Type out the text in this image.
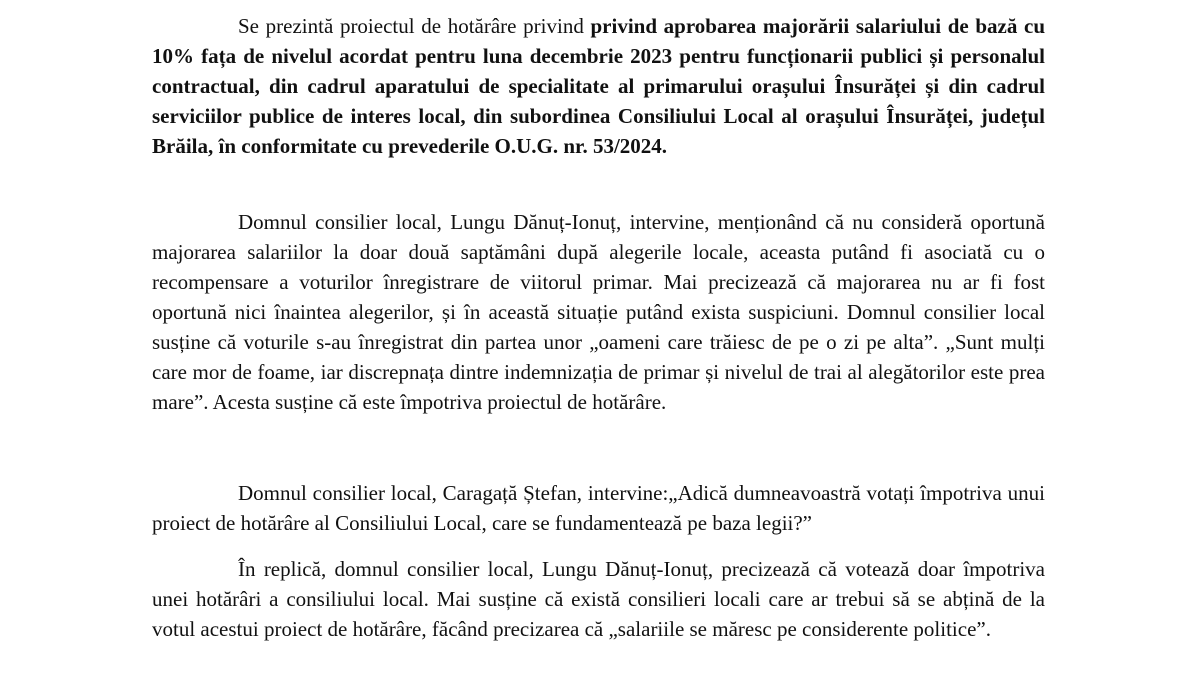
Se prezintă proiectul de hotărâre privind privind aprobarea majorării salariului de bază cu 10% fața de nivelul acordat pentru luna decembrie 2023 pentru funcționarii publici și personalul contractual, din cadrul aparatului de specialitate al primarului orașului Însurăței și din cadrul serviciilor publice de interes local, din subordinea Consiliului Local al orașului Însurăței, județul Brăila, în conformitate cu prevederile O.U.G. nr. 53/2024.

Domnul consilier local, Lungu Dănuț-Ionuț, intervine, menționând că nu consideră oportună majorarea salariilor la doar două saptămâni după alegerile locale, aceasta putând fi asociată cu o recompensare a voturilor înregistrare de viitorul primar. Mai precizează că majorarea nu ar fi fost oportună nici înaintea alegerilor, și în această situație putând exista suspiciuni. Domnul consilier local susține că voturile s-au înregistrat din partea unor „oameni care trăiesc de pe o zi pe alta”. „Sunt mulți care mor de foame, iar discrepnața dintre indemnizația de primar și nivelul de trai al alegătorilor este prea mare”. Acesta susține că este împotriva proiectul de hotărâre.

Domnul consilier local, Caragață Ștefan, intervine:„Adică dumneavoastră votați împotriva unui proiect de hotărâre al Consiliului Local, care se fundamentează pe baza legii?”

În replică, domnul consilier local, Lungu Dănuț-Ionuț, precizează că votează doar împotriva unei hotărâri a consiliului local. Mai susține că există consilieri locali care ar trebui să se abțină de la votul acestui proiect de hotărâre, făcând precizarea că „salariile se măresc pe considerente politice”.
